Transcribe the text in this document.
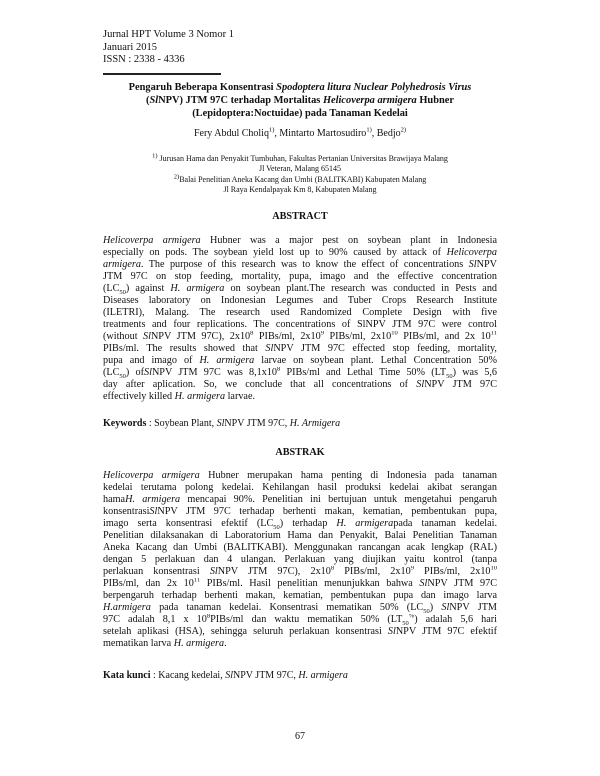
Jurnal HPT Volume 3 Nomor 1
Januari 2015
ISSN : 2338 - 4336
Pengaruh Beberapa Konsentrasi Spodoptera litura Nuclear Polyhedrosis Virus
(SlNPV) JTM 97C terhadap Mortalitas Helicoverpa armigera Hubner
(Lepidoptera:Noctuidae) pada Tanaman Kedelai
Fery Abdul Choliq$^{1)}$, Mintarto Martosudiro$^{1)}$, Bedjo$^{2)}$
$^{1)}$ Jurusan Hama dan Penyakit Tumbuhan, Fakultas Pertanian Universitas Brawijaya Malang
Jl Veteran, Malang 65145
$^{2)}$Balai Penelitian Aneka Kacang dan Umbi (BALITKABI) Kabupaten Malang
Jl Raya Kendalpayak Km 8, Kabupaten Malang
ABSTRACT
Helicoverpa armigera Hubner was a major pest on soybean plant in Indonesia
especially on pods. The soybean yield lost up to 90% caused by attack of Helicoverpa
armigera. The purpose of this research was to know the effect of concentrations SlNPV
JTM 97C on stop feeding, mortality, pupa, imago and the effective concentration
$(LC_{50})$ against H. armigera on soybean plant.The research was conducted in Pests and
Diseases laboratory on Indonesian Legumes and Tuber Crops Research Institute
(ILETRI), Malang. The research used Randomized Complete Design with five
treatments and four replications. The concentrations of SlNPV JTM 97C were control
(without SlNPV JTM 97C), $2x10^8$ PIBs/ml, $2x10^9$ PIBs/ml, $2x10^{10}$ PIBs/ml, and 2x $10^{11}$
PIBs/ml. The results showed that SlNPV JTM 97C effected stop feeding, mortality,
pupa and imago of H. armigera larvae on soybean plant. Lethal Concentration 50%
$(LC_{50})$ ofSlNPV JTM 97C was $8,1x10^8$ PIBs/ml and Lethal Time 50% $(LT_{50})$ was 5,6
day after aplication. So, we conclude that all concentrations of SlNPV JTM 97C
effectively killed H. armigera larvae.
Keywords : Soybean Plant, SlNPV JTM 97C, H. Armigera
ABSTRAK
Helicoverpa armigera Hubner merupakan hama penting di Indonesia pada tanaman
kedelai terutama polong kedelai. Kehilangan hasil produksi kedelai akibat serangan
hamaH. armigera mencapai 90%. Penelitian ini bertujuan untuk mengetahui pengaruh
konsentrasiSlNPV JTM 97C terhadap berhenti makan, kematian, pembentukan pupa,
imago serta konsentrasi efektif $(LC_{50})$ terhadap H. armigerapada tanaman kedelai.
Penelitian dilaksanakan di Laboratorium Hama dan Penyakit, Balai Penelitian Tanaman
Aneka Kacang dan Umbi (BALITKABI). Menggunakan rancangan acak lengkap (RAL)
dengan 5 perlakuan dan 4 ulangan. Perlakuan yang diujikan yaitu kontrol (tanpa
perlakuan konsentrasi SlNPV JTM 97C), $2x10^8$ PIBs/ml, $2x10^9$ PIBs/ml, $2x10^{10}$
PIBs/ml, dan 2x $10^{11}$ PIBs/ml. Hasil penelitian menunjukkan bahwa SlNPV JTM 97C
berpengaruh terhadap berhenti makan, kematian, pembentukan pupa dan imago larva
H.armigera pada tanaman kedelai. Konsentrasi mematikan 50% $(LC_{50})$ SlNPV JTM
97C adalah 8,1 x $10^8PIBs/ml$ dan waktu mematikan 50% $(LT_{50}^{\%})$ adalah 5,6 hari
setelah aplikasi (HSA), sehingga seluruh perlakuan konsentrasi SlNPV JTM 97C efektif
mematikan larva H. armigera.
Kata kunci : Kacang kedelai, SlNPV JTM 97C, H. armigera
67
